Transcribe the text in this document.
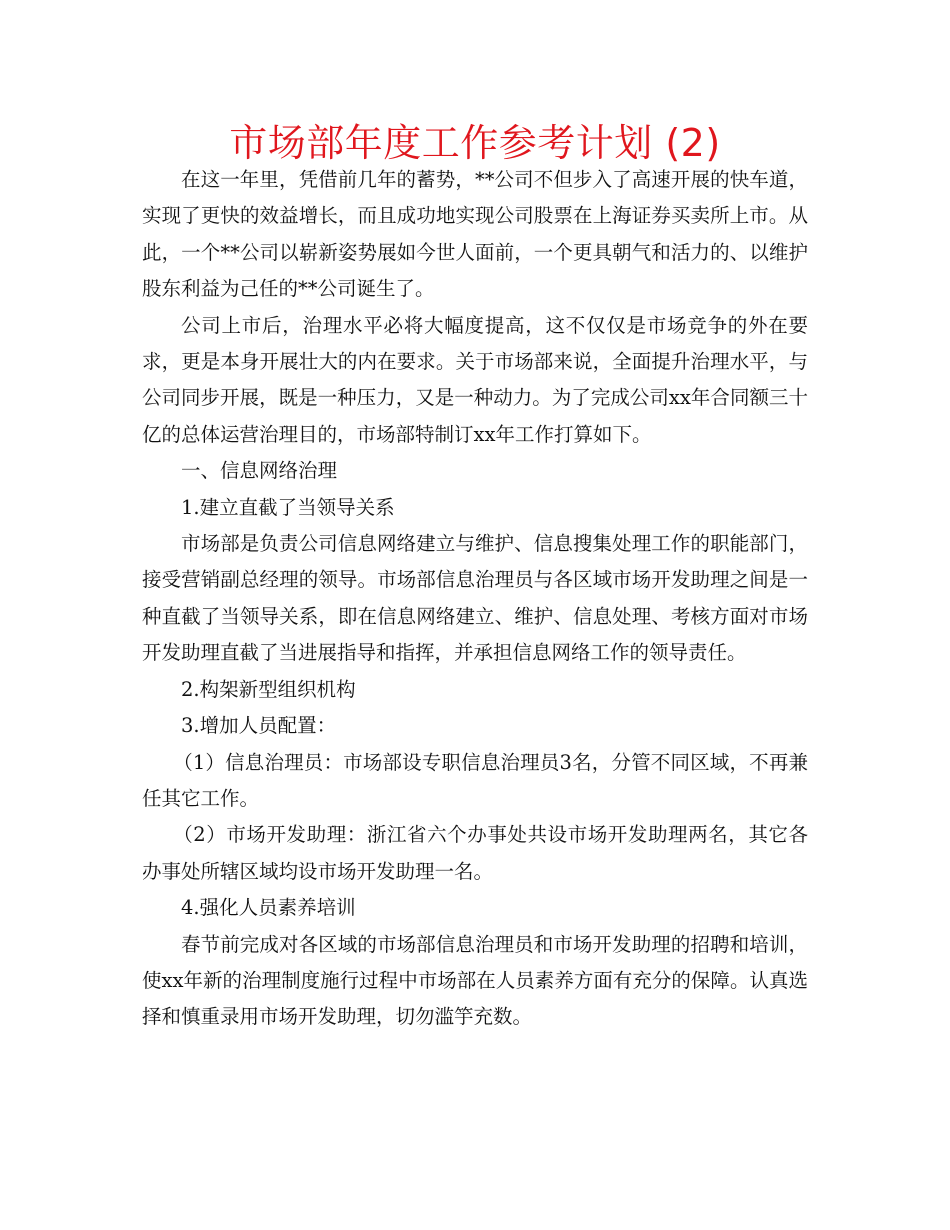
市场部年度工作参考计划 (2)

在这一年里，凭借前几年的蓄势，**公司不但步入了高速开展的快车道，实现了更快的效益增长，而且成功地实现公司股票在上海证券买卖所上市。从此，一个**公司以崭新姿势展如今世人面前，一个更具朝气和活力的、以维护股东利益为己任的**公司诞生了。

公司上市后，治理水平必将大幅度提高，这不仅仅是市场竞争的外在要求，更是本身开展壮大的内在要求。关于市场部来说，全面提升治理水平，与公司同步开展，既是一种压力，又是一种动力。为了完成公司xx年合同额三十亿的总体运营治理目的，市场部特制订xx年工作打算如下。

一、信息网络治理

1.建立直截了当领导关系

市场部是负责公司信息网络建立与维护、信息搜集处理工作的职能部门，接受营销副总经理的领导。市场部信息治理员与各区域市场开发助理之间是一种直截了当领导关系，即在信息网络建立、维护、信息处理、考核方面对市场开发助理直截了当进展指导和指挥，并承担信息网络工作的领导责任。

2.构架新型组织机构

3.增加人员配置：

（1）信息治理员：市场部设专职信息治理员3名，分管不同区域，不再兼任其它工作。

（2）市场开发助理：浙江省六个办事处共设市场开发助理两名，其它各办事处所辖区域均设市场开发助理一名。

4.强化人员素养培训

春节前完成对各区域的市场部信息治理员和市场开发助理的招聘和培训，使xx年新的治理制度施行过程中市场部在人员素养方面有充分的保障。认真选择和慎重录用市场开发助理，切勿滥竽充数。
